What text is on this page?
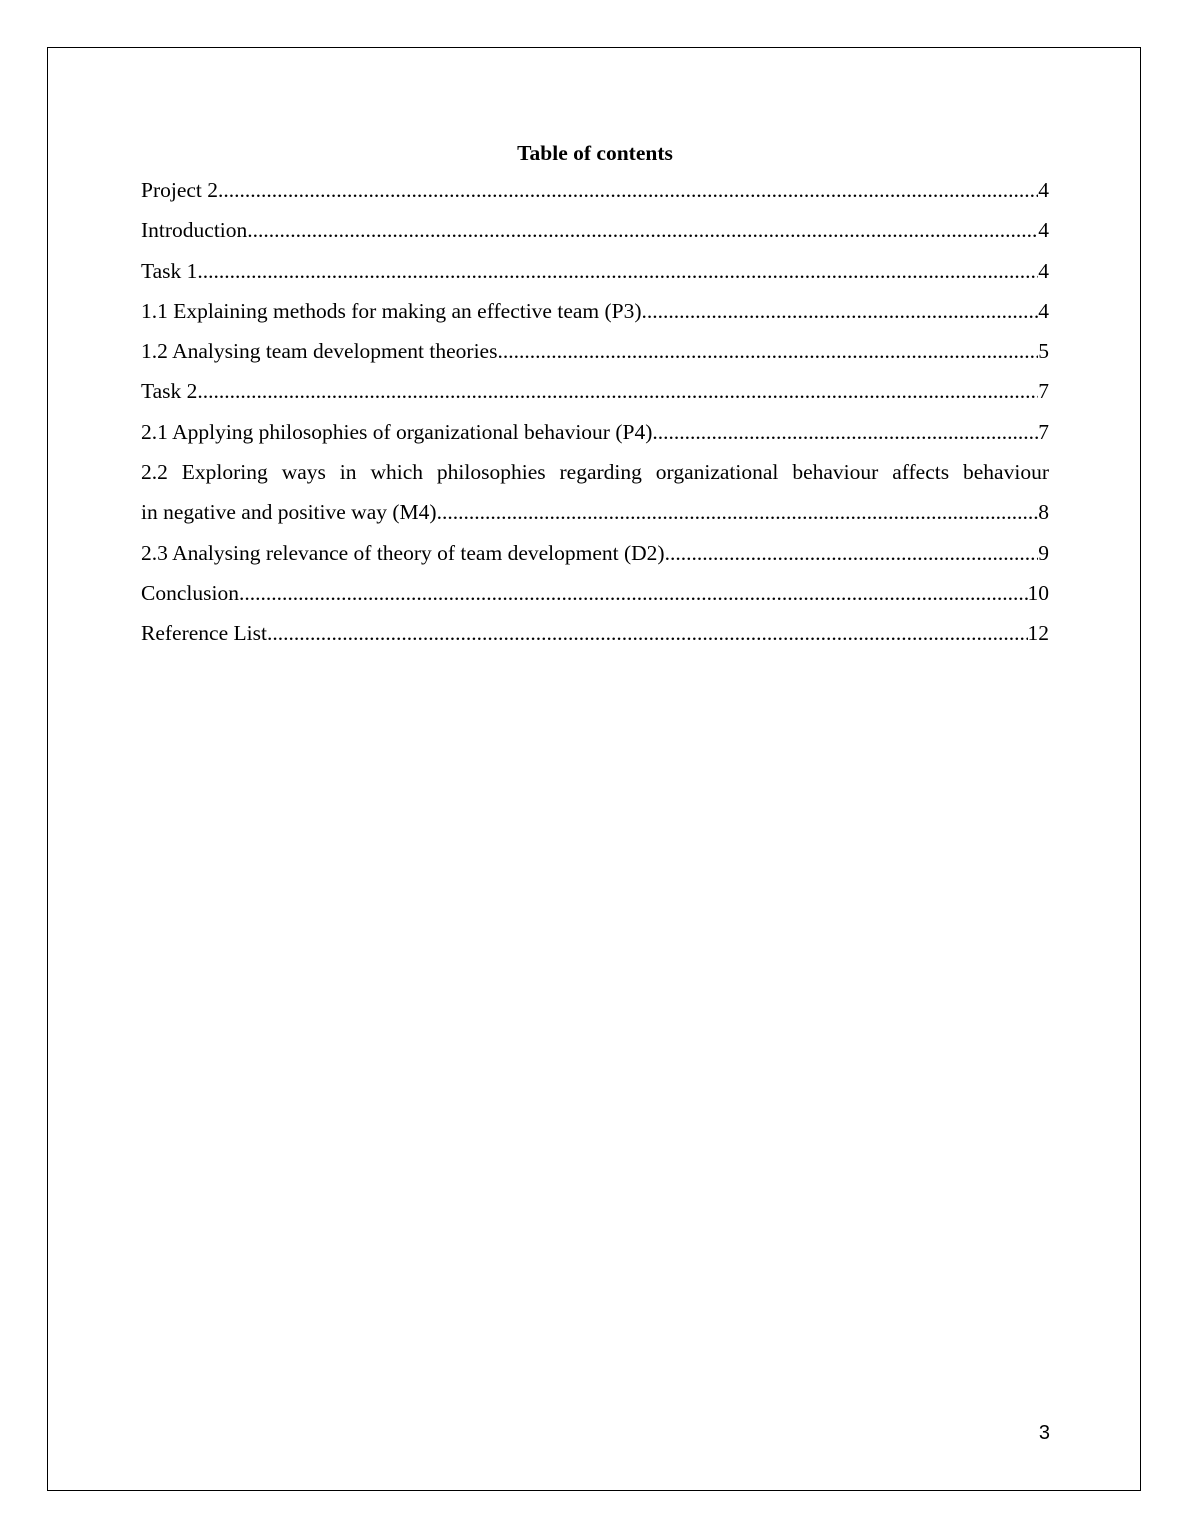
Table of contents
Project 2 .....	4
Introduction .....	4
Task 1 .....	4
1.1 Explaining methods for making an effective team (P3) .....	4
1.2 Analysing team development theories .....	5
Task 2 .....	7
2.1 Applying philosophies of organizational behaviour (P4) .....	7
2.2 Exploring ways in which philosophies regarding organizational behaviour affects behaviour
in negative and positive way (M4) .....	8
2.3 Analysing relevance of theory of team development (D2) .....	9
Conclusion .....	10
Reference List .....	12
3
